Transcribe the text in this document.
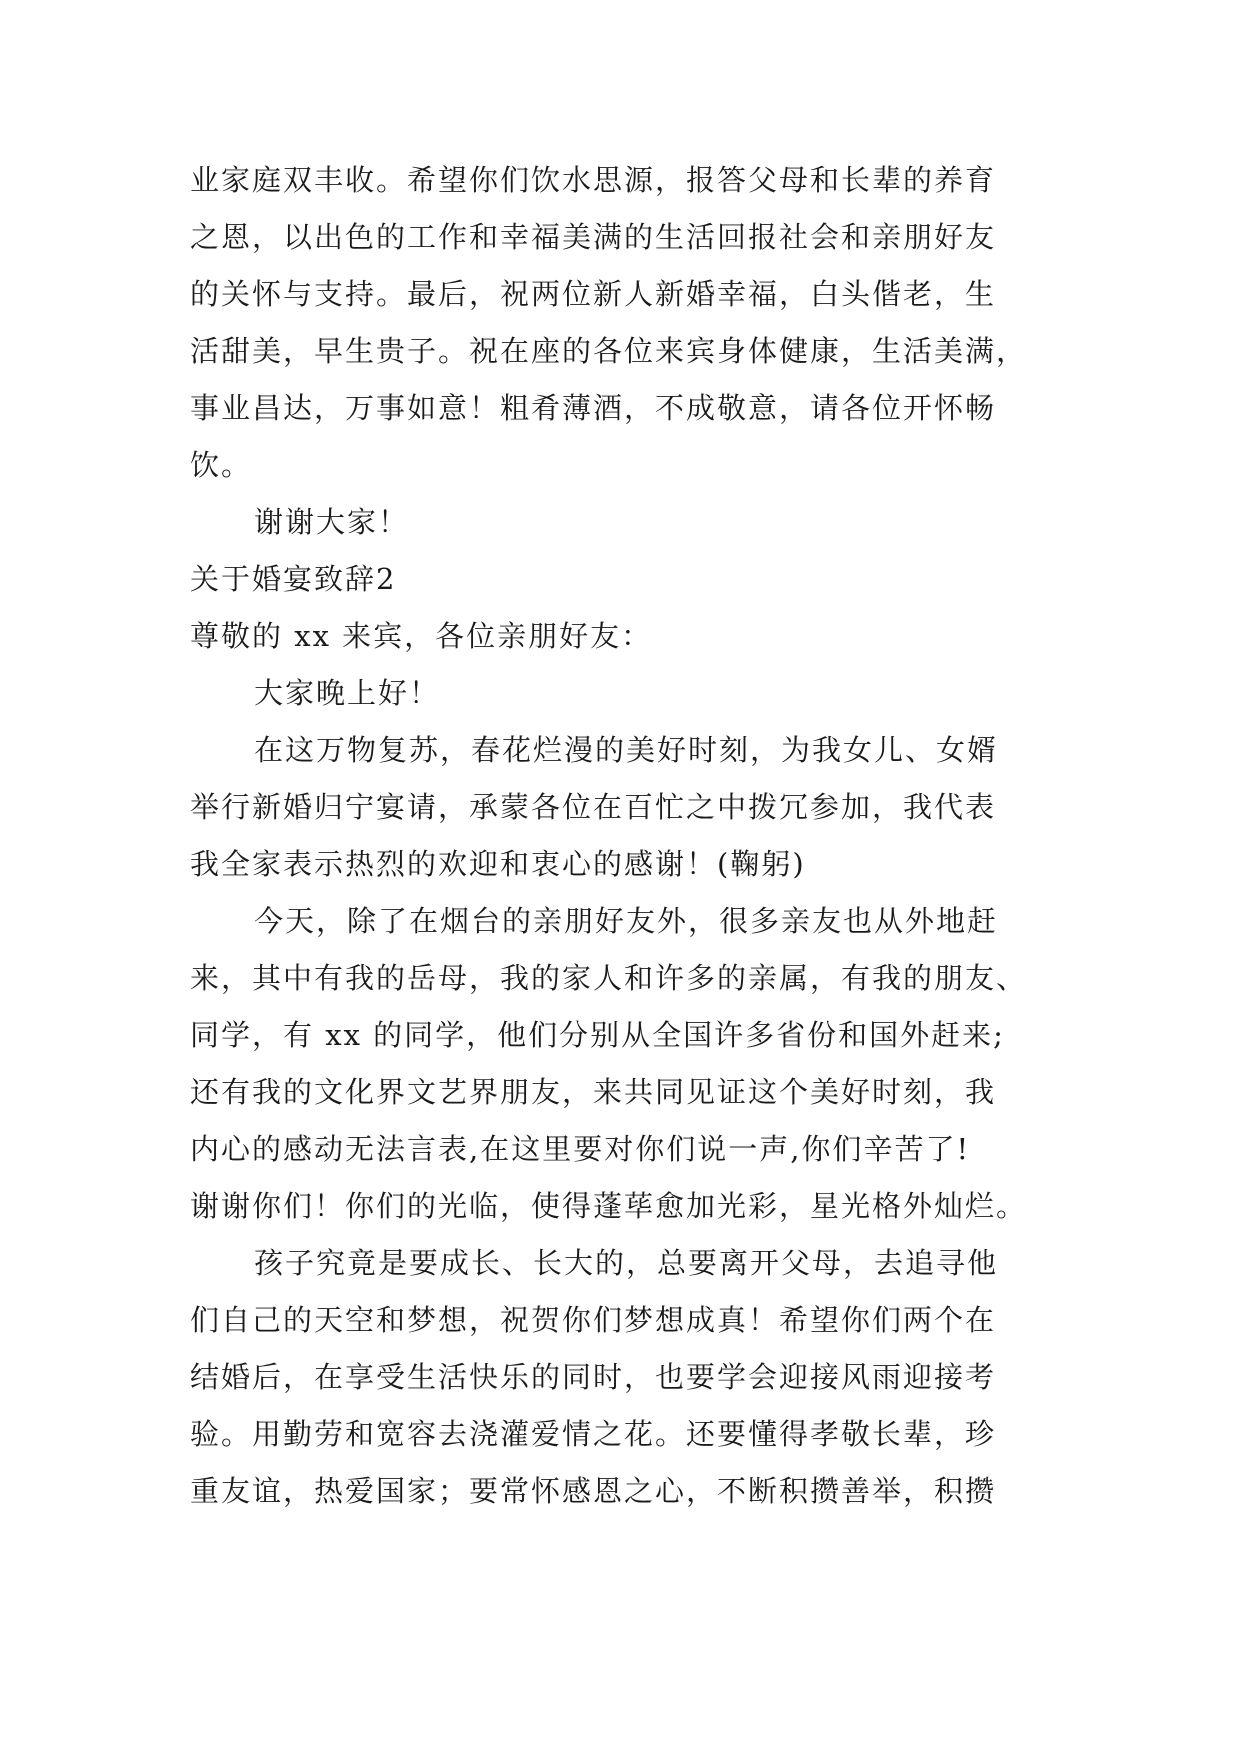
业家庭双丰收。希望你们饮水思源，报答父母和长辈的养育
之恩，以出色的工作和幸福美满的生活回报社会和亲朋好友
的关怀与支持。最后，祝两位新人新婚幸福，白头偕老，生
活甜美，早生贵子。祝在座的各位来宾身体健康，生活美满，
事业昌达，万事如意！粗肴薄酒，不成敬意，请各位开怀畅
饮。
谢谢大家！
关于婚宴致辞2
尊敬的 xx 来宾，各位亲朋好友：
大家晚上好！
在这万物复苏，春花烂漫的美好时刻，为我女儿、女婿
举行新婚归宁宴请，承蒙各位在百忙之中拨冗参加，我代表
我全家表示热烈的欢迎和衷心的感谢！(鞠躬)
今天，除了在烟台的亲朋好友外，很多亲友也从外地赶
来，其中有我的岳母，我的家人和许多的亲属，有我的朋友、
同学，有 xx 的同学，他们分别从全国许多省份和国外赶来;
还有我的文化界文艺界朋友，来共同见证这个美好时刻，我
内心的感动无法言表,在这里要对你们说一声,你们辛苦了!
谢谢你们！你们的光临，使得蓬荜愈加光彩，星光格外灿烂。
孩子究竟是要成长、长大的，总要离开父母，去追寻他
们自己的天空和梦想，祝贺你们梦想成真！希望你们两个在
结婚后，在享受生活快乐的同时，也要学会迎接风雨迎接考
验。用勤劳和宽容去浇灌爱情之花。还要懂得孝敬长辈，珍
重友谊，热爱国家；要常怀感恩之心，不断积攒善举，积攒
